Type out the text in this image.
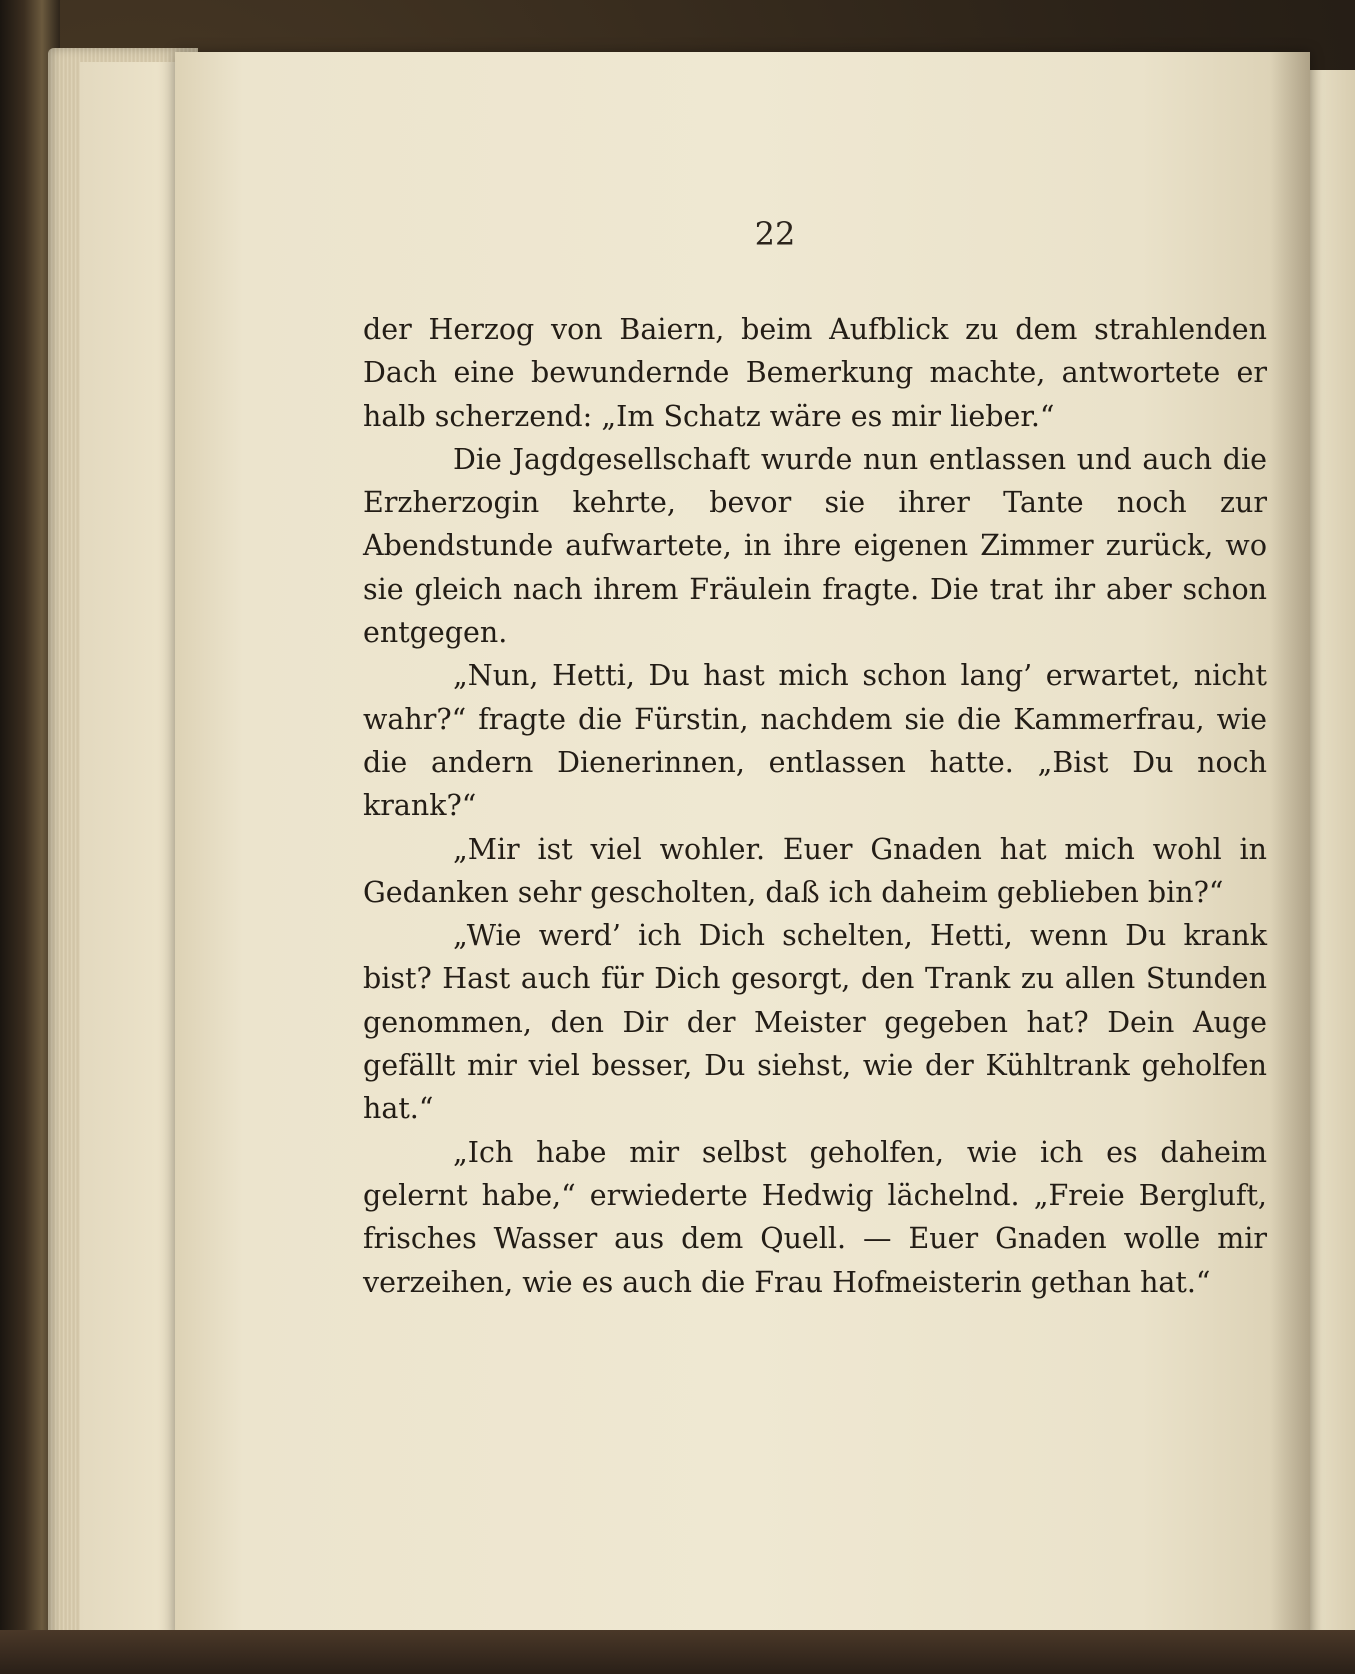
22

der Herzog von Baiern, beim Aufblick zu dem strahlenden Dach eine bewundernde Bemerkung machte, antwortete er halb scherzend: „Im Schatz wäre es mir lieber.“

Die Jagdgesellschaft wurde nun entlassen und auch die Erzherzogin kehrte, bevor sie ihrer Tante noch zur Abendstunde aufwartete, in ihre eigenen Zimmer zurück, wo sie gleich nach ihrem Fräulein fragte. Die trat ihr aber schon entgegen.

„Nun, Hetti, Du hast mich schon lang’ erwartet, nicht wahr?“ fragte die Fürstin, nachdem sie die Kammerfrau, wie die andern Dienerinnen, entlassen hatte. „Bist Du noch krank?“

„Mir ist viel wohler. Euer Gnaden hat mich wohl in Gedanken sehr gescholten, daß ich daheim geblieben bin?“

„Wie werd’ ich Dich schelten, Hetti, wenn Du krank bist? Hast auch für Dich gesorgt, den Trank zu allen Stunden genommen, den Dir der Meister gegeben hat? Dein Auge gefällt mir viel besser, Du siehst, wie der Kühltrank geholfen hat.“

„Ich habe mir selbst geholfen, wie ich es daheim gelernt habe,“ erwiederte Hedwig lächelnd. „Freie Bergluft, frisches Wasser aus dem Quell. — Euer Gnaden wolle mir verzeihen, wie es auch die Frau Hofmeisterin gethan hat.“
